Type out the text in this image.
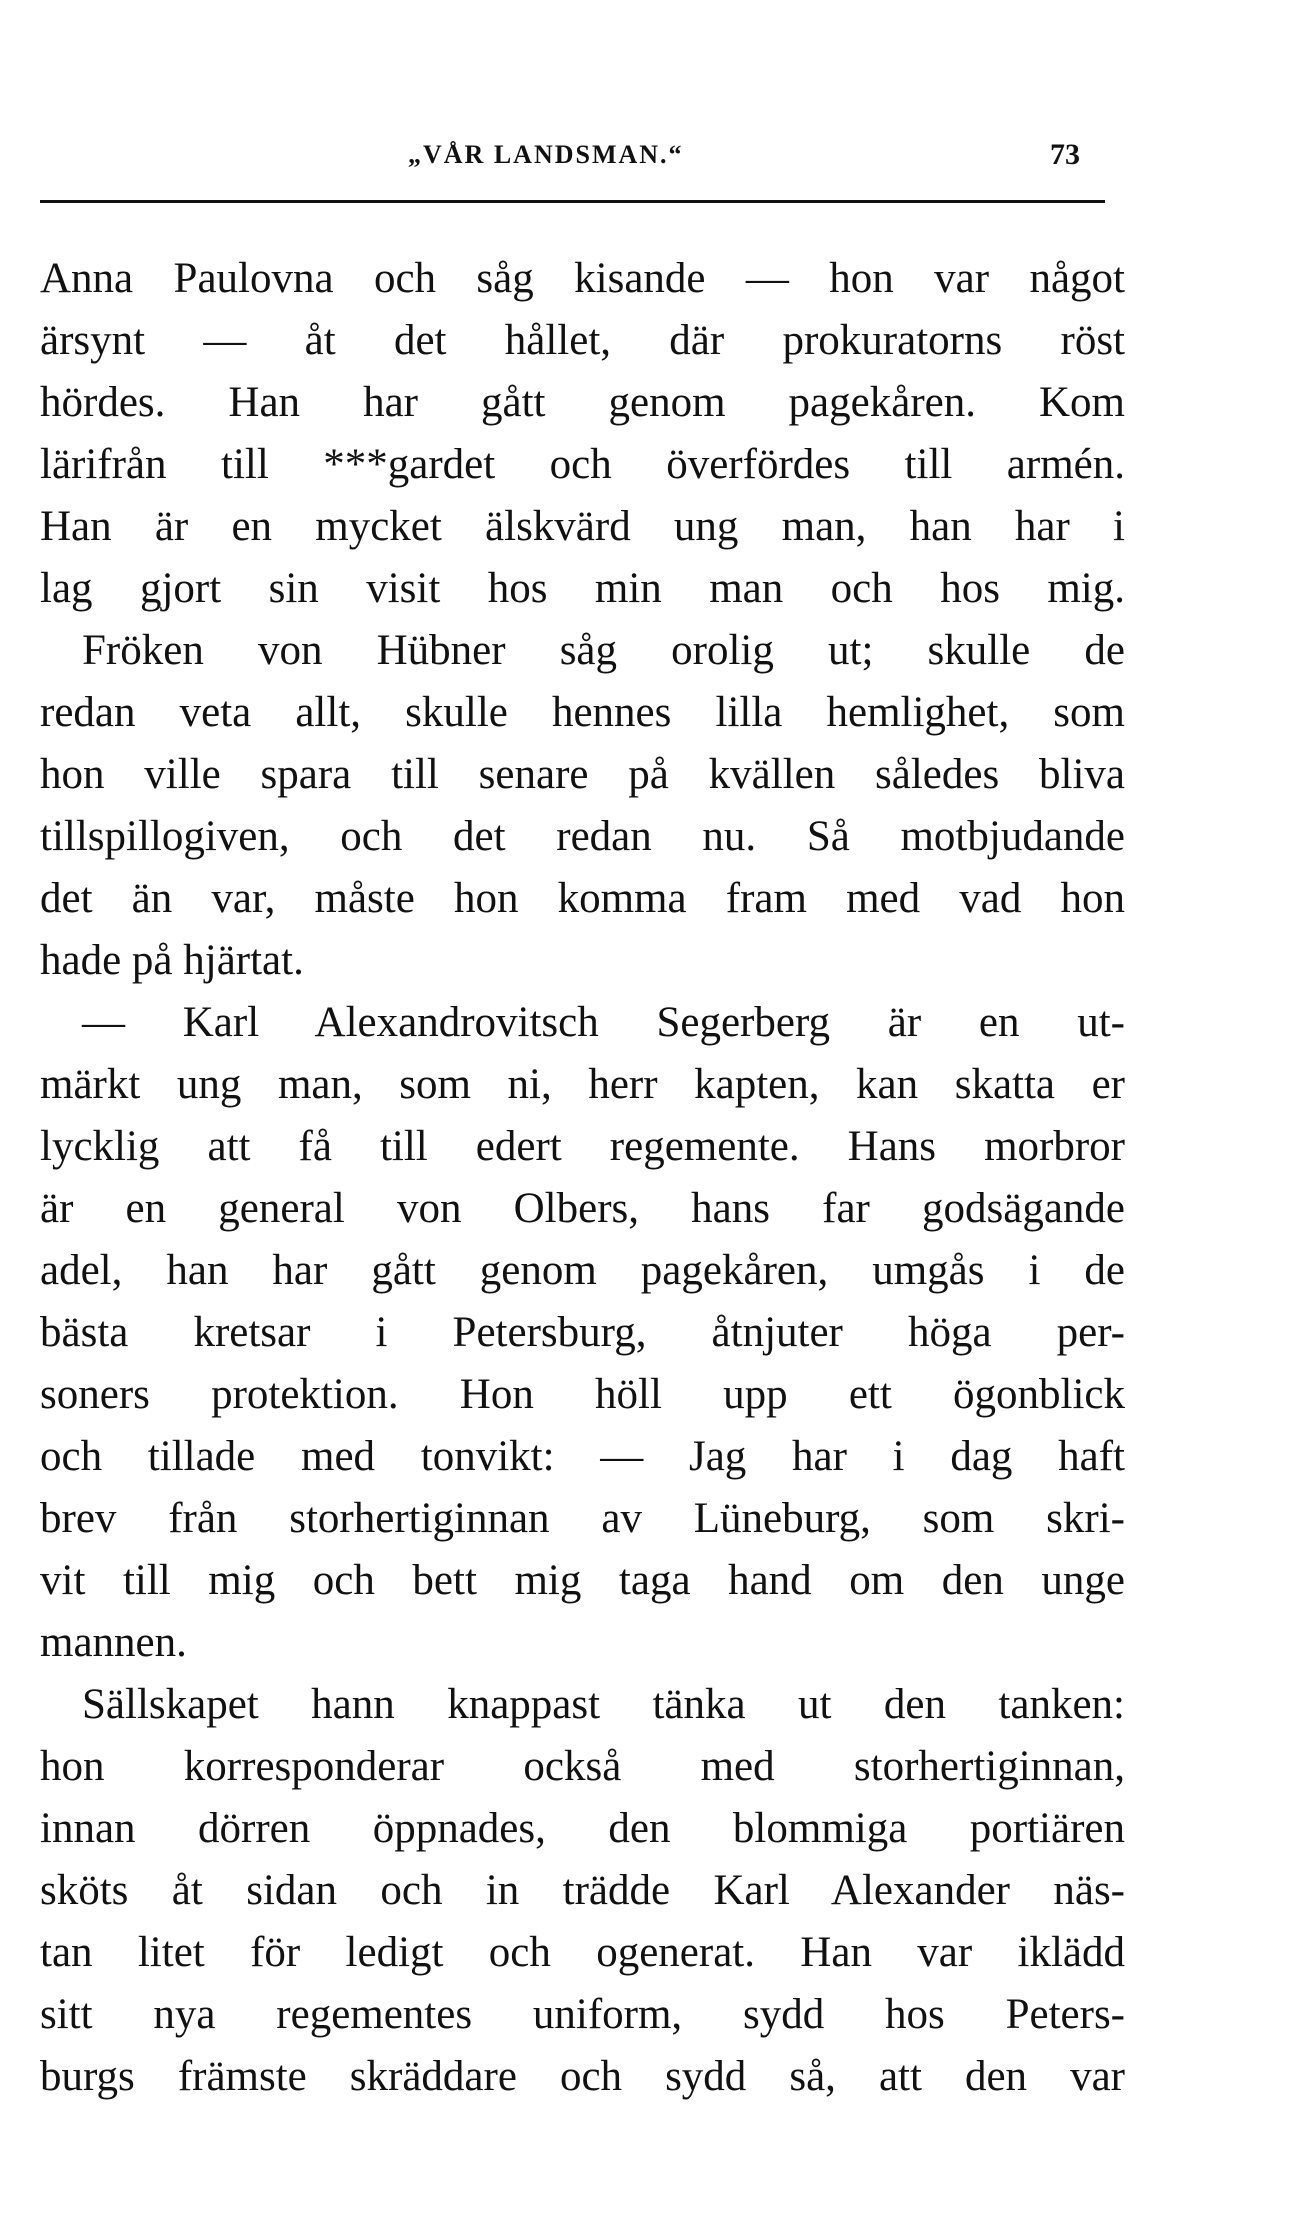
„VÅR LANDSMAN.“	73
Anna Paulovna och såg kisande — hon var något
ärsynt — åt det hållet, där prokuratorns röst
hördes. Han har gått genom pagekåren. Kom
lärifrån till ***gardet och överfördes till armén.
Han är en mycket älskvärd ung man, han har i
lag gjort sin visit hos min man och hos mig.
Fröken von Hübner såg orolig ut; skulle de
redan veta allt, skulle hennes lilla hemlighet, som
hon ville spara till senare på kvällen således bliva
tillspillogiven, och det redan nu. Så motbjudande
det än var, måste hon komma fram med vad hon
hade på hjärtat.
— Karl Alexandrovitsch Segerberg är en ut-
märkt ung man, som ni, herr kapten, kan skatta er
lycklig att få till edert regemente. Hans morbror
är en general von Olbers, hans far godsägande
adel, han har gått genom pagekåren, umgås i de
bästa kretsar i Petersburg, åtnjuter höga per-
soners protektion. Hon höll upp ett ögonblick
och tillade med tonvikt: — Jag har i dag haft
brev från storhertiginnan av Lüneburg, som skri-
vit till mig och bett mig taga hand om den unge
mannen.
Sällskapet hann knappast tänka ut den tanken:
hon korresponderar också med storhertiginnan,
innan dörren öppnades, den blommiga portiären
sköts åt sidan och in trädde Karl Alexander näs-
tan litet för ledigt och ogenerat. Han var iklädd
sitt nya regementes uniform, sydd hos Peters-
burgs främste skräddare och sydd så, att den var
